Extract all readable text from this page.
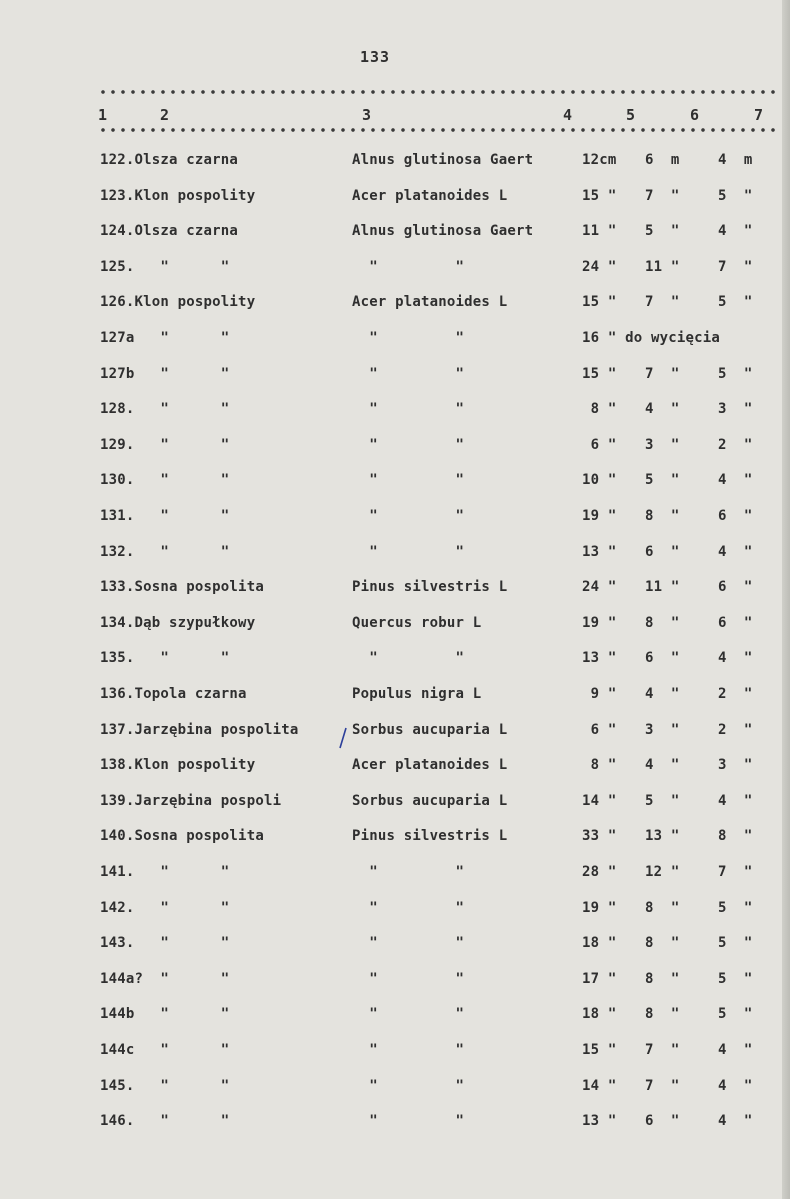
133
1	2	3	4	5	6	7
122.Olsza czarna	Alnus glutinosa Gaert	12cm 6  m	4  m
123.Klon pospolity	Acer platanoides L	15 " 7  "	5  "
124.Olsza czarna	Alnus glutinosa Gaert	11 " 5  "	4  "
125.   "      "	"         "	24 " 11 "	7  "
126.Klon pospolity	Acer platanoides L	15 " 7  "	5  "
127a   "      "	"         "	16 " do wycięcia
127b   "      "	"         "	15 " 7  "	5  "
128.   "      "	"         "	8 " 4  "	3  "
129.   "      "	"         "	6 " 3  "	2  "
130.   "      "	"         "	10 " 5  "	4  "
131.   "      "	"         "	19 " 8  "	6  "
132.   "      "	"         "	13 " 6  "	4  "
133.Sosna pospolita	Pinus silvestris L	24 " 11 "	6  "
134.Dąb szypułkowy	Quercus robur L	19 " 8  "	6  "
135.   "      "	"         "	13 " 6  "	4  "
136.Topola czarna	Populus nigra L	9 " 4  "	2  "
137.Jarzębina pospolita	Sorbus aucuparia L	6 " 3  "	2  "
138.Klon pospolity	Acer platanoides L	8 " 4  "	3  "
139.Jarzębina pospoli	Sorbus aucuparia L	14 " 5  "	4  "
140.Sosna pospolita	Pinus silvestris L	33 " 13 "	8  "
141.   "      "	"         "	28 " 12 "	7  "
142.   "      "	"         "	19 " 8  "	5  "
143.   "      "	"         "	18 " 8  "	5  "
144a?  "      "	"         "	17 " 8  "	5  "
144b   "      "	"         "	18 " 8  "	5  "
144c   "      "	"         "	15 " 7  "	4  "
145.   "      "	"         "	14 " 7  "	4  "
146.   "      "	"         "	13 " 6  "	4  "
